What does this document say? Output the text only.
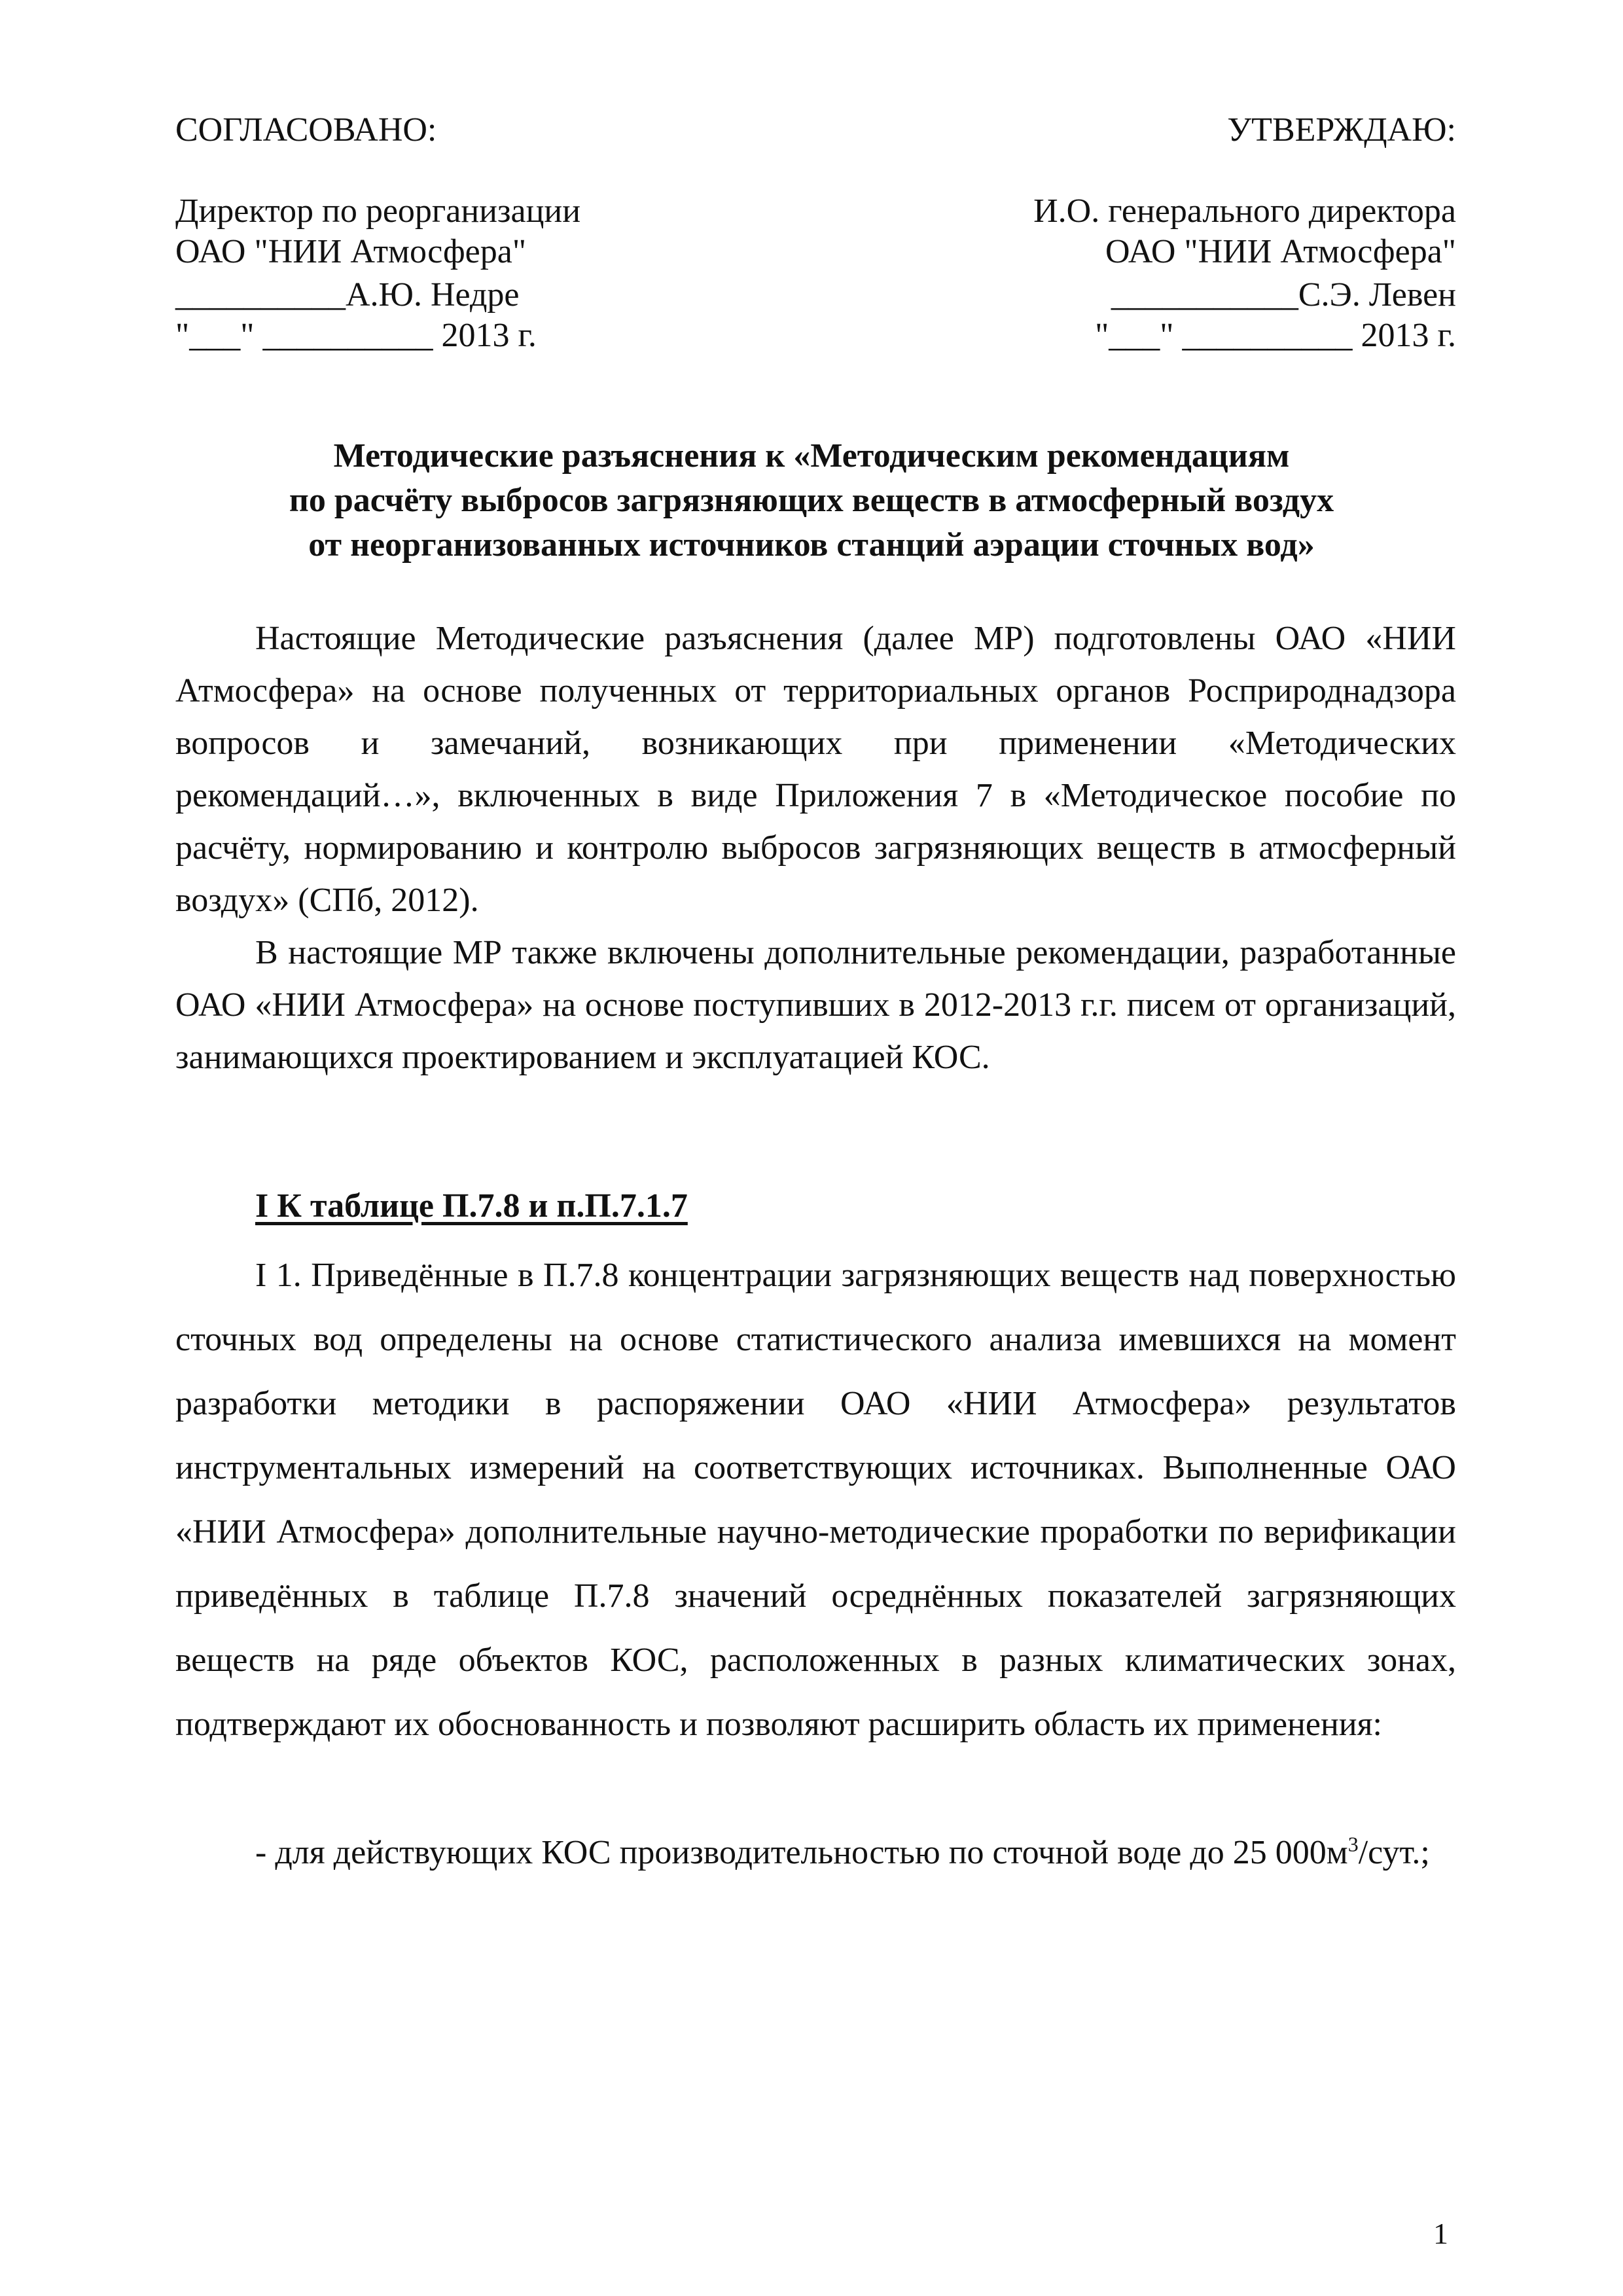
СОГЛАСОВАНО:
Директор по реорганизации
ОАО "НИИ Атмосфера"
__________А.Ю. Недре
"___" __________ 2013 г.
УТВЕРЖДАЮ:
И.О. генерального директора
ОАО "НИИ Атмосфера"
___________С.Э. Левен
"___" __________ 2013 г.
Методические разъяснения к «Методическим рекомендациям
по расчёту выбросов загрязняющих веществ в атмосферный воздух
от неорганизованных источников станций аэрации сточных вод»
Настоящие Методические разъяснения (далее МР) подготовлены ОАО «НИИ Атмосфера» на основе полученных от территориальных органов Росприроднадзора вопросов и замечаний, возникающих при применении «Методических рекомендаций…», включенных в виде Приложения 7 в «Методическое пособие по расчёту, нормированию и контролю выбросов загрязняющих веществ в атмосферный воздух» (СПб, 2012).
В настоящие МР также включены дополнительные рекомендации, разработанные ОАО «НИИ Атмосфера» на основе поступивших в 2012-2013 г.г. писем от организаций, занимающихся проектированием и эксплуатацией КОС.
I К таблице П.7.8 и п.П.7.1.7
I 1. Приведённые в П.7.8 концентрации загрязняющих веществ над поверхностью сточных вод определены на основе статистического анализа имевшихся на момент разработки методики в распоряжении ОАО «НИИ Атмосфера» результатов инструментальных измерений на соответствующих источниках. Выполненные ОАО «НИИ Атмосфера» дополнительные научно-методические проработки по верификации приведённых в таблице П.7.8 значений осреднённых показателей загрязняющих веществ на ряде объектов КОС, расположенных в разных климатических зонах, подтверждают их обоснованность и позволяют расширить область их применения:
- для действующих КОС производительностью по сточной воде до 25 $000м^3$/сут.;
1
